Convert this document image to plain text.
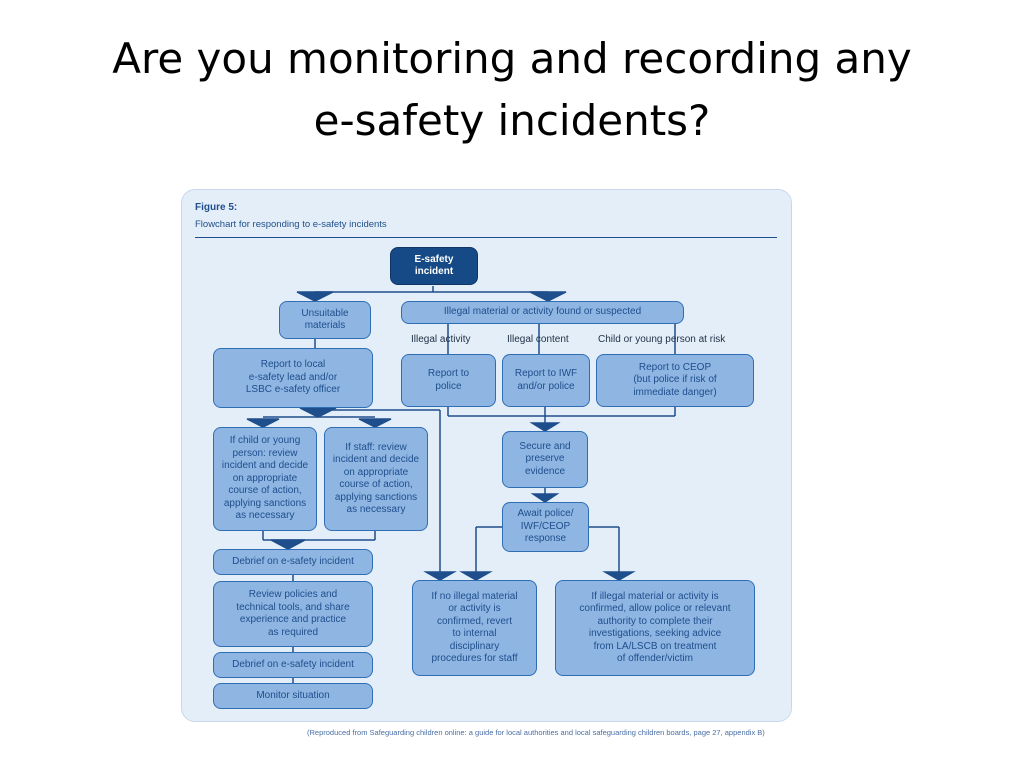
Are you monitoring and recording any
e-safety incidents?
Figure 5:
Flowchart for responding to e-safety incidents
E-safety
incident
Unsuitable
materials
Illegal material or activity found or suspected
Illegal activity	Illegal content	Child or young person at risk
Report to local
e-safety lead and/or
LSBC e-safety officer
Report to
police
Report to IWF
and/or police
Report to CEOP
(but police if risk of
immediate danger)
If child or young
person: review
incident and decide
on appropriate
course of action,
applying sanctions
as necessary
If staff: review
incident and decide
on appropriate
course of action,
applying sanctions
as necessary
Secure and
preserve
evidence
Await police/
IWF/CEOP
response
Debrief on e-safety incident
Review policies and
technical tools, and share
experience and practice
as required
Debrief on e-safety incident
Monitor situation
If no illegal material
or activity is
confirmed, revert
to internal
disciplinary
procedures for staff
If illegal material or activity is
confirmed, allow police or relevant
authority to complete their
investigations, seeking advice
from LA/LSCB on treatment
of offender/victim
(Reproduced from Safeguarding children online: a guide for local authorities and local safeguarding children boards, page 27, appendix B)
